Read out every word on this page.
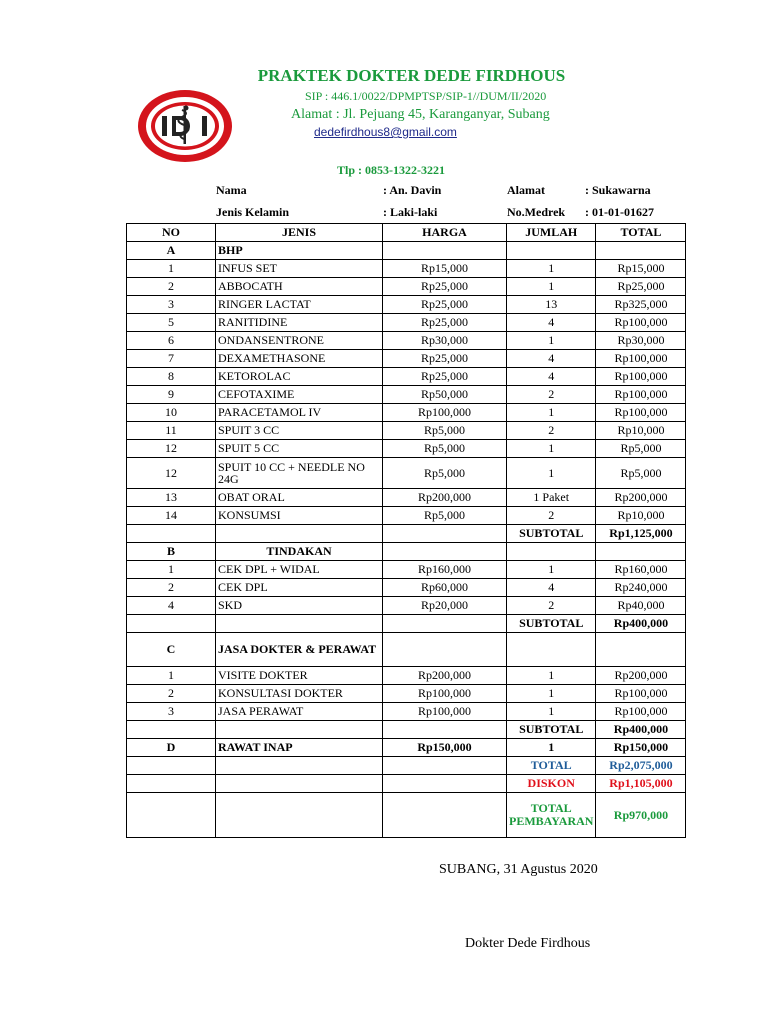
PRAKTEK DOKTER DEDE FIRDHOUS
SIP : 446.1/0022/DPMPTSP/SIP-1//DUM/II/2020
Alamat : Jl. Pejuang 45, Karanganyar, Subang
dedefirdhous8@gmail.com
Tlp : 0853-1322-3221
Nama	: An. Davin	Alamat	: Sukawarna
Jenis Kelamin	: Laki-laki	No.Medrek : 01-01-01627
NO	JENIS	HARGA	JUMLAH	TOTAL
A	BHP			
1	INFUS SET	Rp15,000	1	Rp15,000
2	ABBOCATH	Rp25,000	1	Rp25,000
3	RINGER LACTAT	Rp25,000	13	Rp325,000
5	RANITIDINE	Rp25,000	4	Rp100,000
6	ONDANSENTRONE	Rp30,000	1	Rp30,000
7	DEXAMETHASONE	Rp25,000	4	Rp100,000
8	KETOROLAC	Rp25,000	4	Rp100,000
9	CEFOTAXIME	Rp50,000	2	Rp100,000
10	PARACETAMOL IV	Rp100,000	1	Rp100,000
11	SPUIT 3 CC	Rp5,000	2	Rp10,000
12	SPUIT 5 CC	Rp5,000	1	Rp5,000
12	SPUIT 10 CC + NEEDLE NO 24G	Rp5,000	1	Rp5,000
13	OBAT ORAL	Rp200,000	1 Paket	Rp200,000
14	KONSUMSI	Rp5,000	2	Rp10,000
			SUBTOTAL	Rp1,125,000
B	TINDAKAN			
1	CEK DPL + WIDAL	Rp160,000	1	Rp160,000
2	CEK DPL	Rp60,000	4	Rp240,000
4	SKD	Rp20,000	2	Rp40,000
			SUBTOTAL	Rp400,000
C	JASA DOKTER & PERAWAT			
1	VISITE DOKTER	Rp200,000	1	Rp200,000
2	KONSULTASI DOKTER	Rp100,000	1	Rp100,000
3	JASA PERAWAT	Rp100,000	1	Rp100,000
			SUBTOTAL	Rp400,000
D	RAWAT INAP	Rp150,000	1	Rp150,000
			TOTAL	Rp2,075,000
			DISKON	Rp1,105,000
			TOTAL PEMBAYARAN	Rp970,000
SUBANG, 31 Agustus 2020
Dokter Dede Firdhous
